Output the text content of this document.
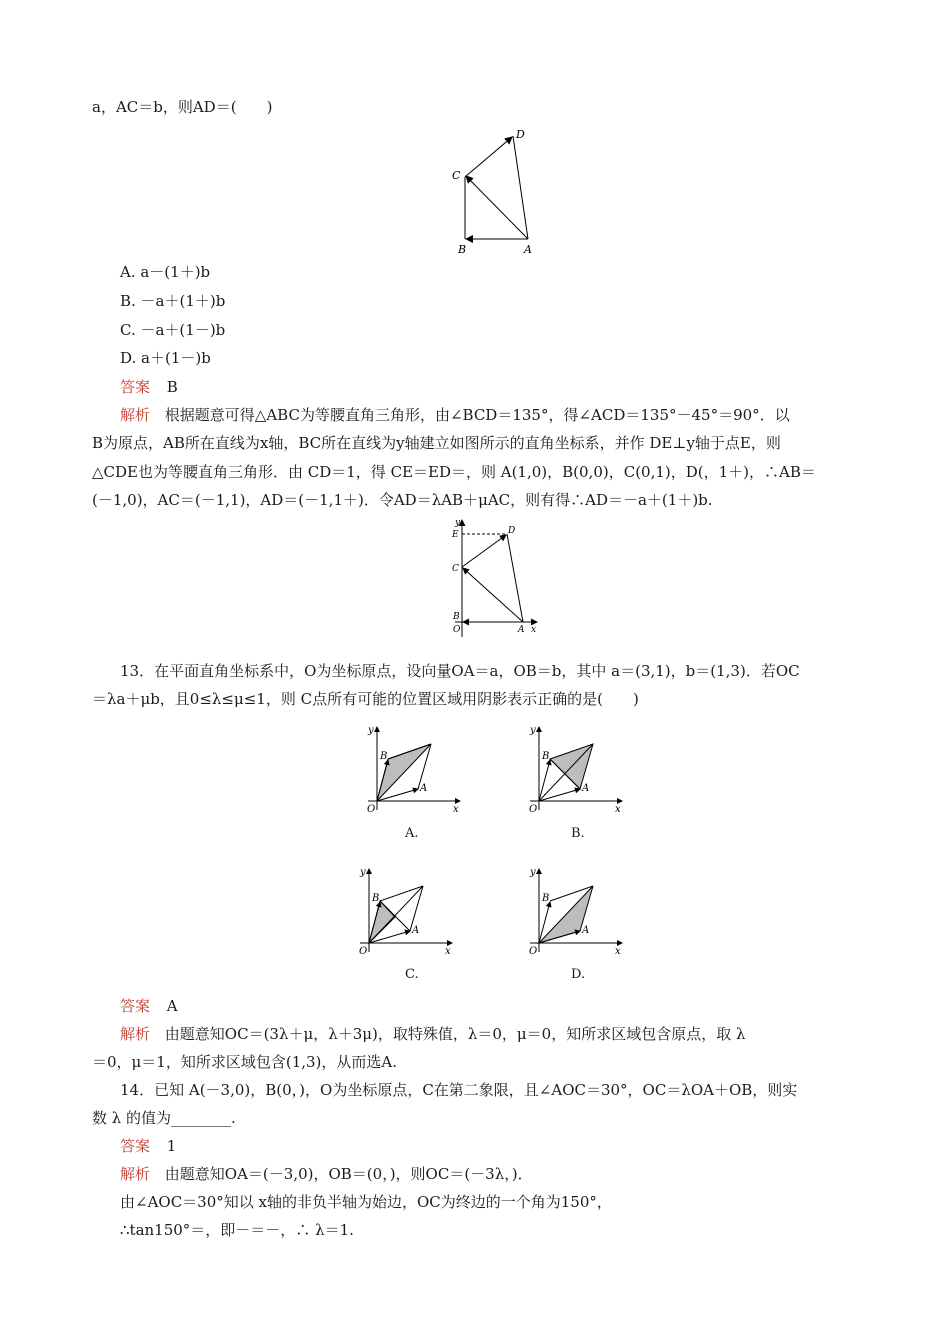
a，AC＝b，则AD＝(　　)
D
C
B	A
A. a－(1＋)b
B. －a＋(1＋)b
C. －a＋(1－)b
D. a＋(1－)b
答案 B
解析 根据题意可得△ABC为等腰直角三角形，由∠BCD＝135°，得∠ACD＝135°－45°＝90°．以
B为原点，AB所在直线为x轴，BC所在直线为y轴建立如图所示的直角坐标系，并作 DE⊥y轴于点E，则
△CDE也为等腰直角三角形．由 CD＝1，得 CE＝ED＝，则 A(1,0)，B(0,0)，C(0,1)，D(，1＋)，∴AB＝
(－1,0)，AC＝(－1,1)，AD＝(－1,1＋)．令AD＝λAB＋μAC，则有得∴AD＝－a＋(1＋)b.
y
E	D
C
B
O	A x
13．在平面直角坐标系中，O为坐标原点，设向量OA＝a，OB＝b，其中 a＝(3,1)，b＝(1,3)．若OC
＝λa＋μb，且0≤λ≤μ≤1，则 C点所有可能的位置区域用阴影表示正确的是(　　)
y
B
A
O	x
A.
y
B
A
O	x
B.
y
B
A
O	x
C.
y
B
A
O	x
D.
答案 A
解析 由题意知OC＝(3λ＋μ，λ＋3μ)，取特殊值，λ＝0，μ＝0，知所求区域包含原点，取 λ
＝0，μ＝1，知所求区域包含(1,3)，从而选A.
14．已知 A(－3,0)，B(0，)，O为坐标原点，C在第二象限，且∠AOC＝30°，OC＝λOA＋OB，则实
数 λ 的值为________.
答案 1
解析 由题意知OA＝(－3,0)，OB＝(0，)，则OC＝(－3λ，)．
由∠AOC＝30°知以 x轴的非负半轴为始边，OC为终边的一个角为150°，
∴tan150°＝，即－＝－，∴ λ＝1.
